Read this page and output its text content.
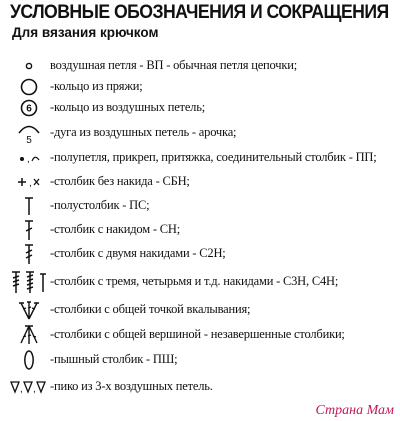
УСЛОВНЫЕ ОБОЗНАЧЕНИЯ И СОКРАЩЕНИЯ
Для вязания крючком
воздушная петля - ВП - обычная петля цепочки;
-кольцо из пряжи;
6 -кольцо из воздушных петель;
5
-дуга из воздушных петель - арочка;
, -полупетля, прикреп, притяжка, соединительный столбик - ПП;
, -столбик без накида - СБН;
-полустолбик - ПС;
-столбик с накидом - СН;
-столбик с двумя накидами - С2Н;
-столбик с тремя, четырьмя и т.д. накидами - С3Н, С4Н;
-столбики с общей точкой вкалывания;
-столбики с общей вершиной - незавершенные столбики;
-пышный столбик - ПШ;
, , -пико из 3-х воздушных петель.
Страна Мам
